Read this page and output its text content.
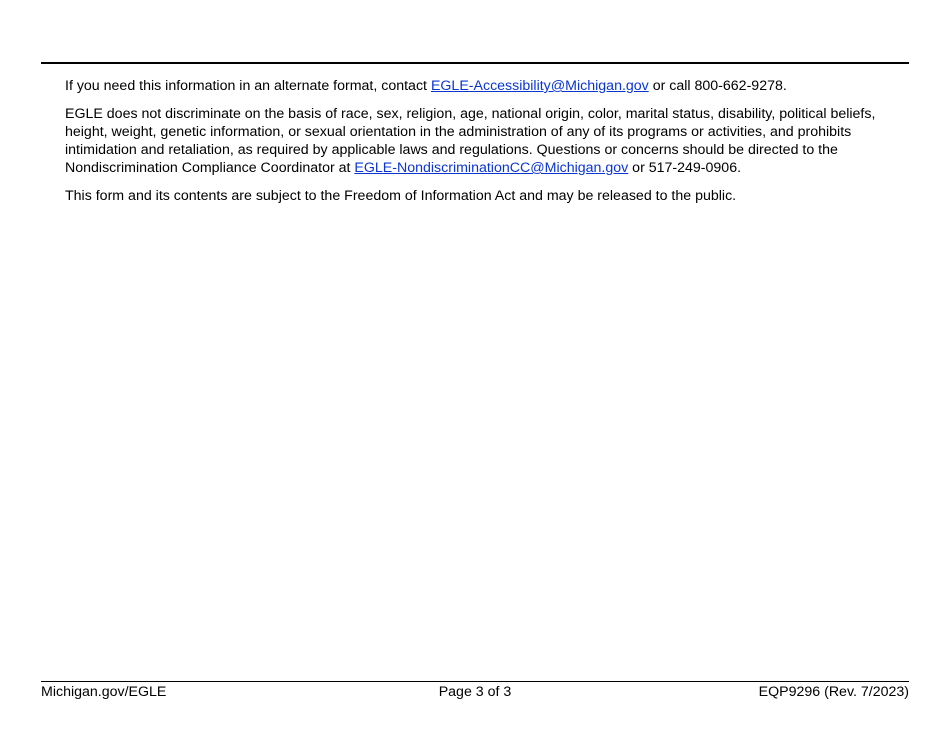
If you need this information in an alternate format, contact EGLE-Accessibility@Michigan.gov or call 800-662-9278.

EGLE does not discriminate on the basis of race, sex, religion, age, national origin, color, marital status, disability, political beliefs, height, weight, genetic information, or sexual orientation in the administration of any of its programs or activities, and prohibits intimidation and retaliation, as required by applicable laws and regulations. Questions or concerns should be directed to the Nondiscrimination Compliance Coordinator at EGLE-NondiscriminationCC@Michigan.gov or 517-249-0906.

This form and its contents are subject to the Freedom of Information Act and may be released to the public.

Michigan.gov/EGLE	Page 3 of 3	EQP9296 (Rev. 7/2023)
